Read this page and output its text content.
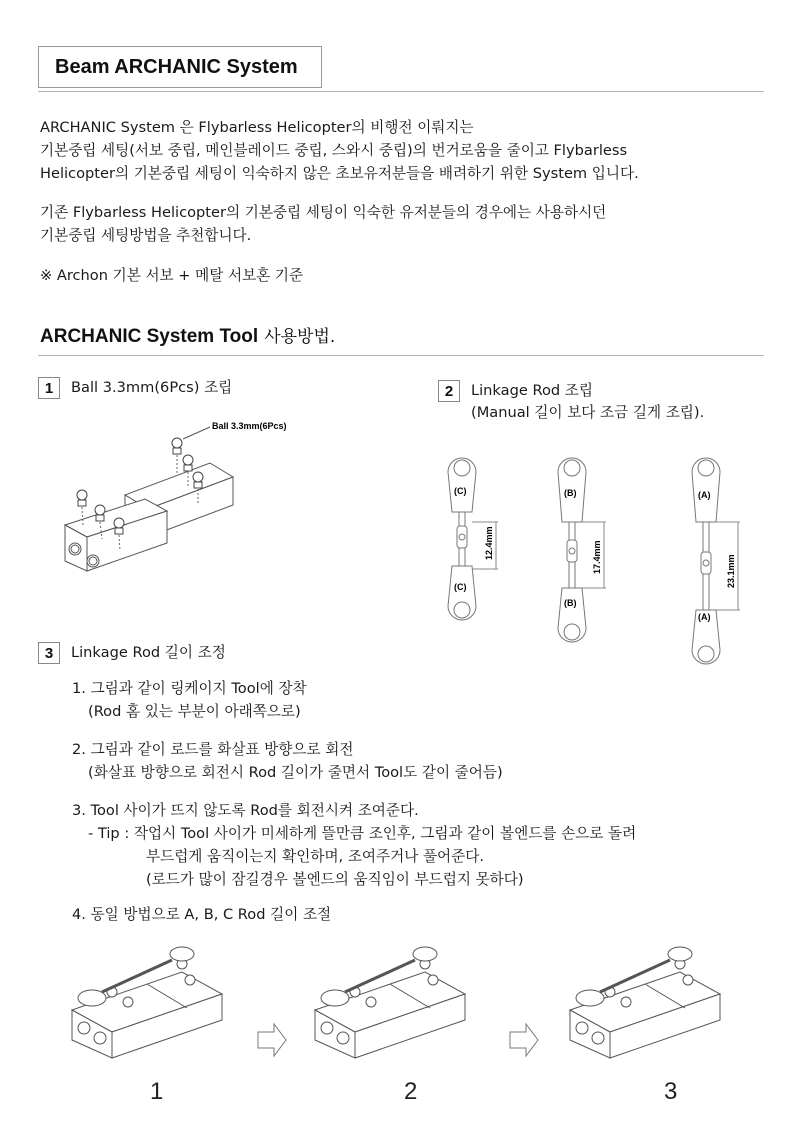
Beam ARCHANIC System
ARCHANIC System 은 Flybarless Helicopter의 비행전 이뤄지는
기본중립 세팅(서보 중립, 메인블레이드 중립, 스와시 중립)의 번거로움을 줄이고 Flybarless
Helicopter의 기본중립 세팅이 익숙하지 않은 초보유저분들을 배려하기 위한 System 입니다.
기존 Flybarless Helicopter의 기본중립 세팅이 익숙한 유저분들의 경우에는 사용하시던
기본중립 세팅방법을 추천합니다.
※ Archon 기본 서보 + 메탈 서보혼 기준
ARCHANIC System Tool 사용방법.
1	Ball 3.3mm(6Pcs) 조립
Ball 3.3mm(6Pcs)
2	Linkage Rod 조립
(Manual 길이 보다 조금 길게 조립).
(C)
(C)
(B)
(B)
(A)
(A)
12.4mm	17.4mm	23.1mm
3	Linkage Rod 길이 조정
1. 그림과 같이 링케이지 Tool에 장착
(Rod 홈 있는 부분이 아래쪽으로)
2. 그림과 같이 로드를 화살표 방향으로 회전
(화살표 방향으로 회전시 Rod 길이가 줄면서 Tool도 같이 줄어듬)
3. Tool 사이가 뜨지 않도록 Rod를 회전시켜 조여준다.
- Tip : 작업시 Tool 사이가 미세하게 뜰만큼 조인후, 그림과 같이 볼엔드를 손으로 돌려
부드럽게 움직이는지 확인하며, 조여주거나 풀어준다.
(로드가 많이 잠길경우 볼엔드의 움직임이 부드럽지 못하다)
4. 동일 방법으로 A, B, C Rod 길이 조절
1	2	3
